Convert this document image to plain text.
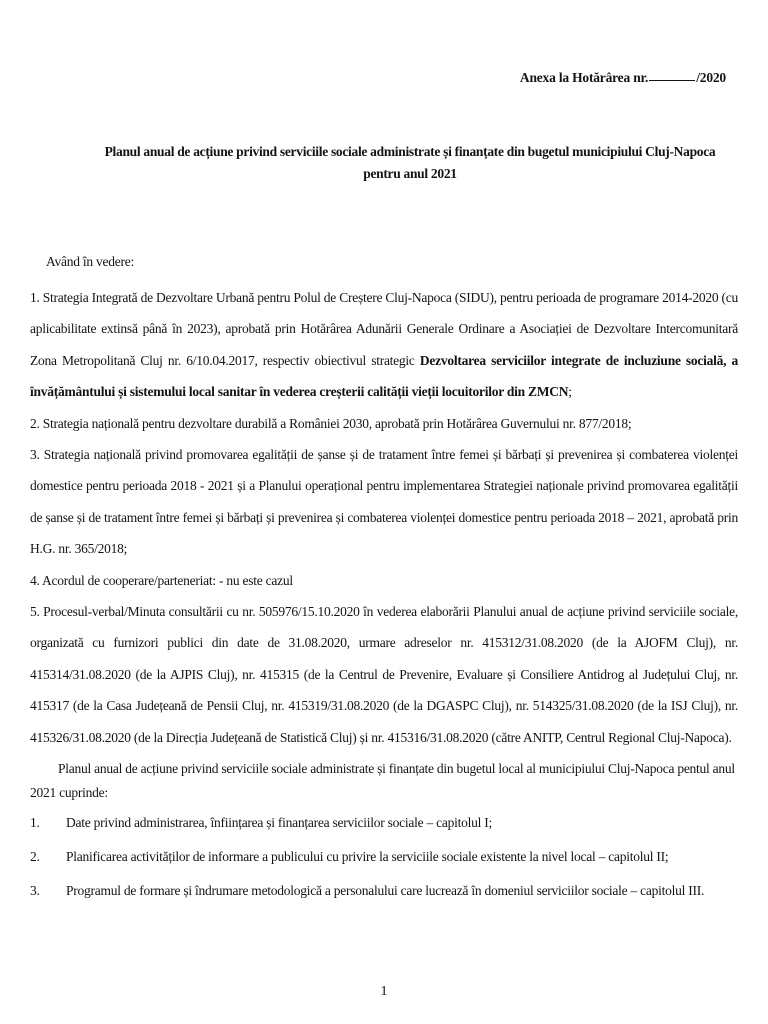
Anexa la Hotărârea nr.	/2020
Planul anual de acțiune privind serviciile sociale administrate și finanțate din bugetul municipiului Cluj-Napoca
pentru anul 2021
Având în vedere:
1. Strategia Integrată de Dezvoltare Urbană pentru Polul de Creștere Cluj-Napoca (SIDU), pentru perioada de programare 2014-2020 (cu aplicabilitate extinsă până în 2023), aprobată prin Hotărârea Adunării Generale Ordinare a Asociației de Dezvoltare Intercomunitară Zona Metropolitană Cluj nr. 6/10.04.2017, respectiv obiectivul strategic Dezvoltarea serviciilor integrate de incluziune socială, a învățământului și sistemului local sanitar în vederea creșterii calității vieții locuitorilor din ZMCN;
2. Strategia națională pentru dezvoltare durabilă a României 2030, aprobată prin Hotărârea Guvernului nr. 877/2018;
3. Strategia națională privind promovarea egalității de șanse și de tratament între femei și bărbați și prevenirea și combaterea violenței domestice pentru perioada 2018 - 2021 și a Planului operațional pentru implementarea Strategiei naționale privind promovarea egalității de șanse și de tratament între femei și bărbați și prevenirea și combaterea violenței domestice pentru perioada 2018 – 2021, aprobată prin H.G. nr. 365/2018;
4. Acordul de cooperare/parteneriat: - nu este cazul
5. Procesul-verbal/Minuta consultării cu nr. 505976/15.10.2020 în vederea elaborării Planului anual de acțiune privind serviciile sociale, organizată cu furnizori publici din date de 31.08.2020, urmare adreselor nr. 415312/31.08.2020 (de la AJOFM Cluj), nr. 415314/31.08.2020 (de la AJPIS Cluj), nr. 415315 (de la Centrul de Prevenire, Evaluare și Consiliere Antidrog al Județului Cluj, nr. 415317 (de la Casa Județeană de Pensii Cluj, nr. 415319/31.08.2020 (de la DGASPC Cluj), nr. 514325/31.08.2020 (de la ISJ Cluj), nr. 415326/31.08.2020 (de la Direcția Județeană de Statistică Cluj) și nr. 415316/31.08.2020 (către ANITP, Centrul Regional Cluj-Napoca).
Planul anual de acțiune privind serviciile sociale administrate și finanțate din bugetul local al municipiului Cluj-Napoca pentul anul 2021 cuprinde:
1.	Date privind administrarea, înființarea și finanțarea serviciilor sociale – capitolul I;
2.	Planificarea activităților de informare a publicului cu privire la serviciile sociale existente la nivel local – capitolul II;
3.	Programul de formare și îndrumare metodologică a personalului care lucrează în domeniul serviciilor sociale – capitolul III.
1
